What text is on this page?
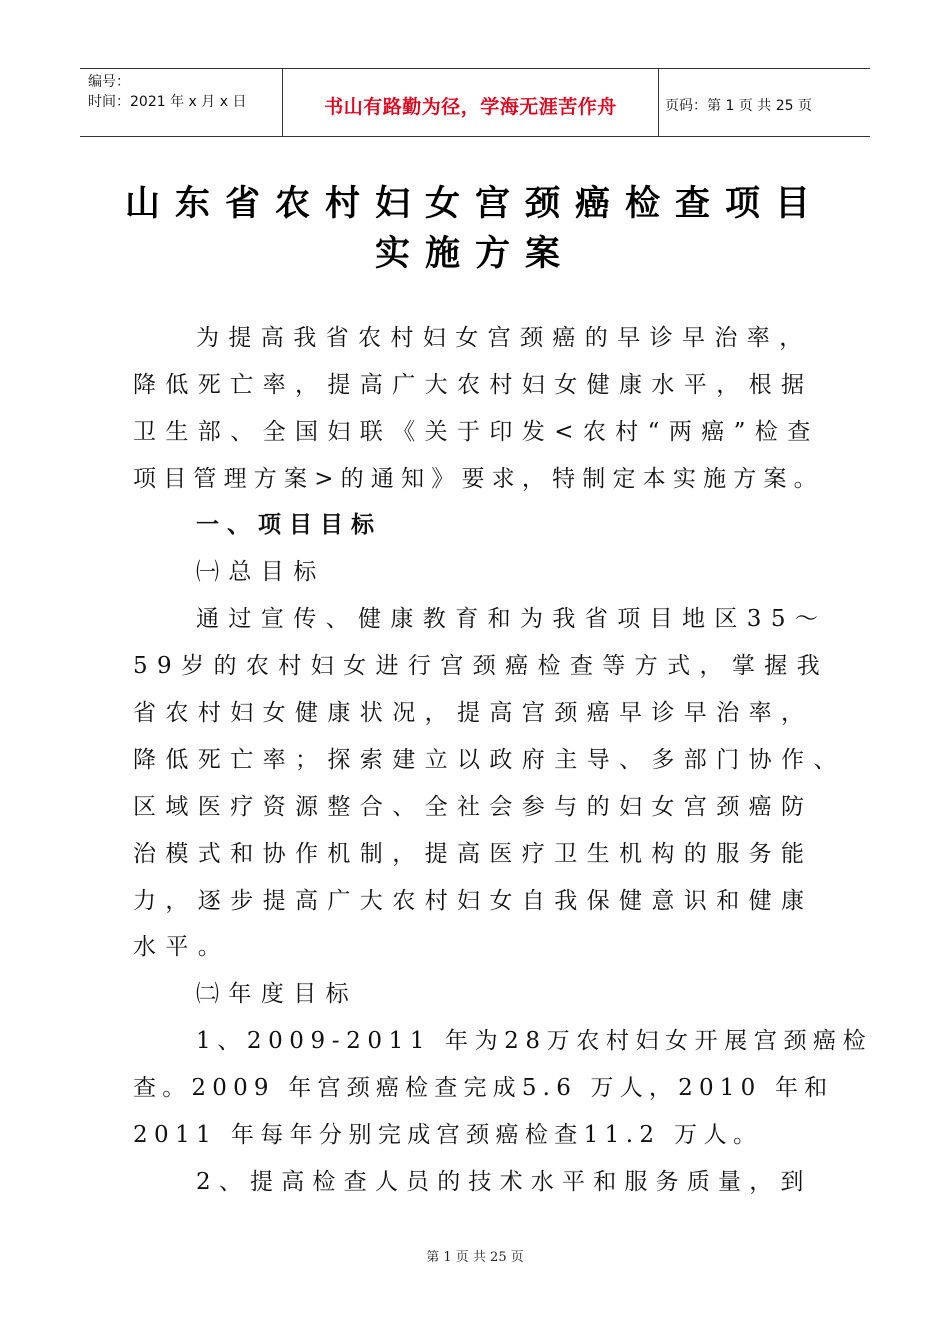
编号：
时间：2021 年 x 月 x 日	书山有路勤为径，学海无涯苦作舟	页码：第 1 页 共 25 页
山东省农村妇女宫颈癌检查项目
实施方案
为提高我省农村妇女宫颈癌的早诊早治率，
降低死亡率，提高广大农村妇女健康水平，根据
卫生部、全国妇联《关于印发<农村“两癌”检查
项目管理方案>的通知》要求，特制定本实施方案。
一、项目目标
㈠总目标
通过宣传、健康教育和为我省项目地区35～
59岁的农村妇女进行宫颈癌检查等方式，掌握我
省农村妇女健康状况，提高宫颈癌早诊早治率，
降低死亡率；探索建立以政府主导、多部门协作、
区域医疗资源整合、全社会参与的妇女宫颈癌防
治模式和协作机制，提高医疗卫生机构的服务能
力，逐步提高广大农村妇女自我保健意识和健康
水平。
㈡年度目标
1、2009-2011 年为28万农村妇女开展宫颈癌检
查。2009 年宫颈癌检查完成5.6 万人，2010 年和
2011 年每年分别完成宫颈癌检查11.2 万人。
2、提高检查人员的技术水平和服务质量，到
第 1 页 共 25 页
